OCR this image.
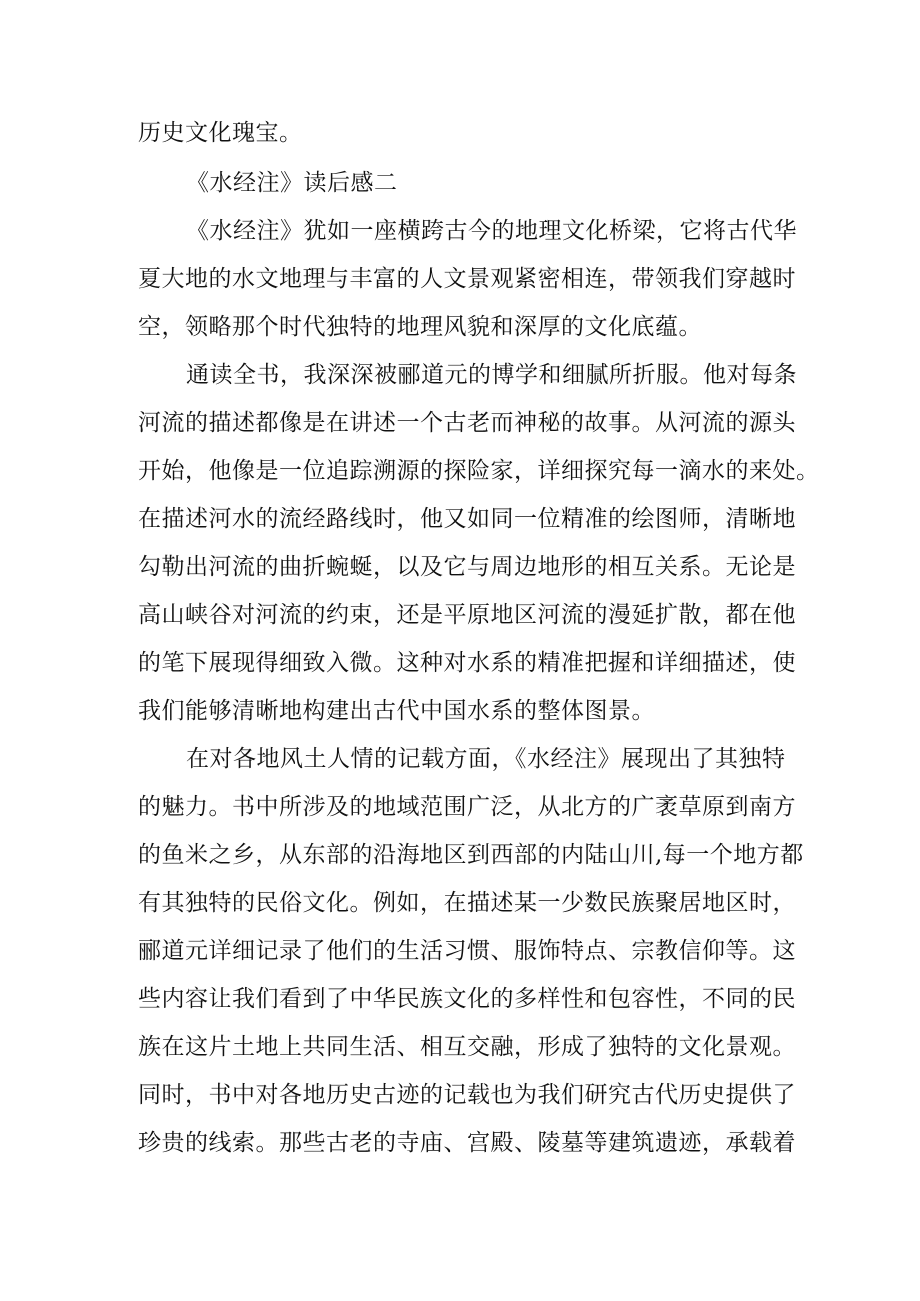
历史文化瑰宝。
《水经注》读后感二
《水经注》犹如一座横跨古今的地理文化桥梁，它将古代华
夏大地的水文地理与丰富的人文景观紧密相连，带领我们穿越时
空，领略那个时代独特的地理风貌和深厚的文化底蕴。
通读全书，我深深被郦道元的博学和细腻所折服。他对每条
河流的描述都像是在讲述一个古老而神秘的故事。从河流的源头
开始，他像是一位追踪溯源的探险家，详细探究每一滴水的来处。
在描述河水的流经路线时，他又如同一位精准的绘图师，清晰地
勾勒出河流的曲折蜿蜒，以及它与周边地形的相互关系。无论是
高山峡谷对河流的约束，还是平原地区河流的漫延扩散，都在他
的笔下展现得细致入微。这种对水系的精准把握和详细描述，使
我们能够清晰地构建出古代中国水系的整体图景。
在对各地风土人情的记载方面，《水经注》展现出了其独特
的魅力。书中所涉及的地域范围广泛，从北方的广袤草原到南方
的鱼米之乡，从东部的沿海地区到西部的内陆山川,每一个地方都
有其独特的民俗文化。例如，在描述某一少数民族聚居地区时，
郦道元详细记录了他们的生活习惯、服饰特点、宗教信仰等。这
些内容让我们看到了中华民族文化的多样性和包容性，不同的民
族在这片土地上共同生活、相互交融，形成了独特的文化景观。
同时，书中对各地历史古迹的记载也为我们研究古代历史提供了
珍贵的线索。那些古老的寺庙、宫殿、陵墓等建筑遗迹，承载着
